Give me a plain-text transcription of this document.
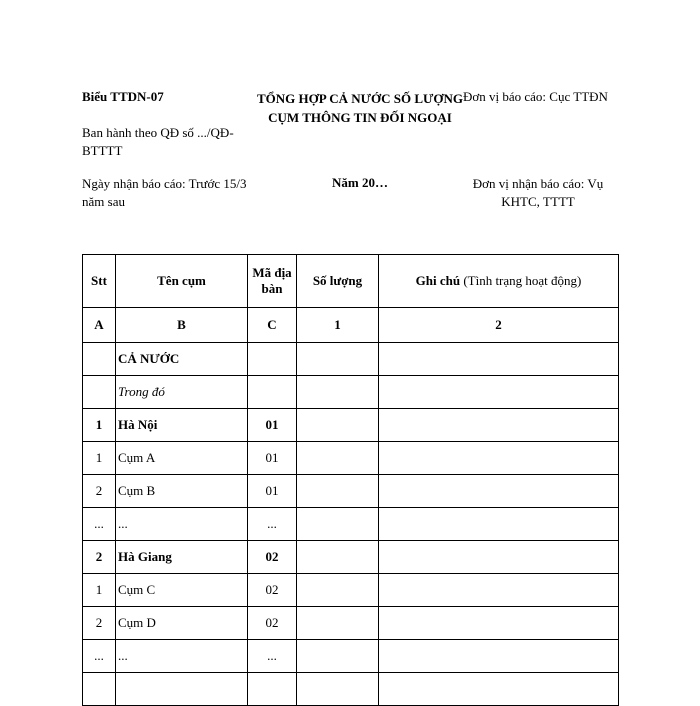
Biểu TTDN-07	TỔNG HỢP CẢ NƯỚC SỐ LƯỢNG CỤM THÔNG TIN ĐỐI NGOẠI
Đơn vị báo cáo: Cục TTĐN
Ban hành theo QĐ số .../QĐ-BTTTT
Ngày nhận báo cáo: Trước 15/3 năm sau
Năm 20…	Đơn vị nhận báo cáo: Vụ KHTC, TTTT
Stt	Tên cụm	Mã địa bàn	Số lượng	Ghi chú (Tình trạng hoạt động)
A	B	C	1	2
	CẢ NƯỚC			
	Trong đó			
1	Hà Nội	01		
1	Cụm A	01		
2	Cụm B	01		
...	...	...		
2	Hà Giang	02		
1	Cụm C	02		
2	Cụm D	02		
...	...	...		
